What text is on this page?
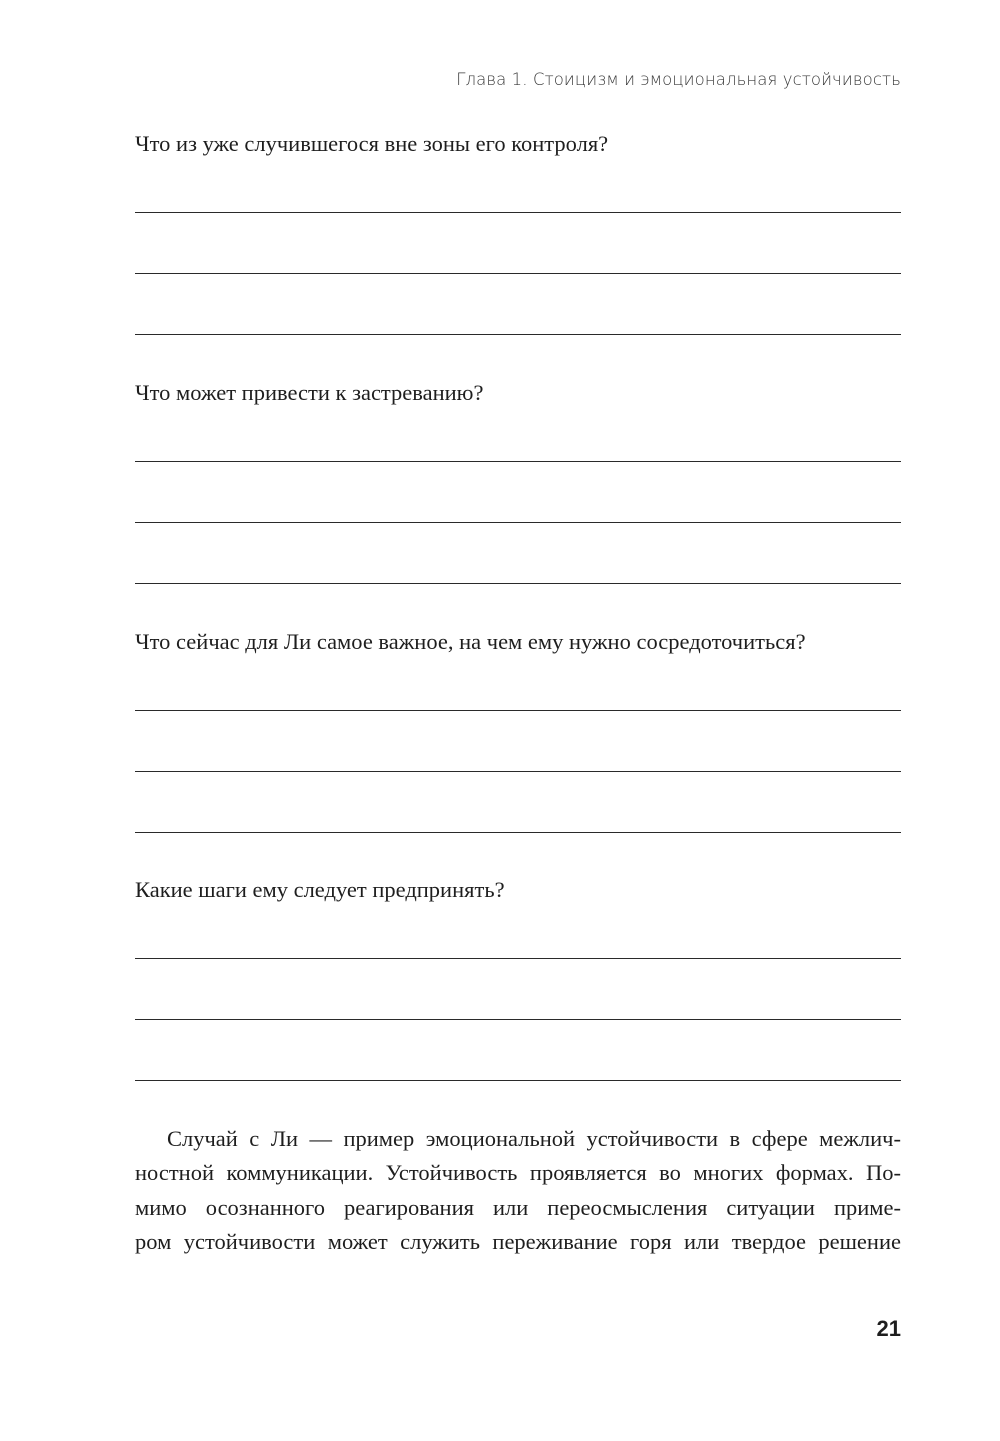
Глава 1. Стоицизм и эмоциональная устойчивость
Что из уже случившегося вне зоны его контроля?
Что может привести к застреванию?
Что сейчас для Ли самое важное, на чем ему нужно сосредоточиться?
Какие шаги ему следует предпринять?
Случай с Ли — пример эмоциональной устойчивости в сфере межлич-
ностной коммуникации. Устойчивость проявляется во многих формах. По-
мимо осознанного реагирования или переосмысления ситуации приме-
ром устойчивости может служить переживание горя или твердое решение
21
